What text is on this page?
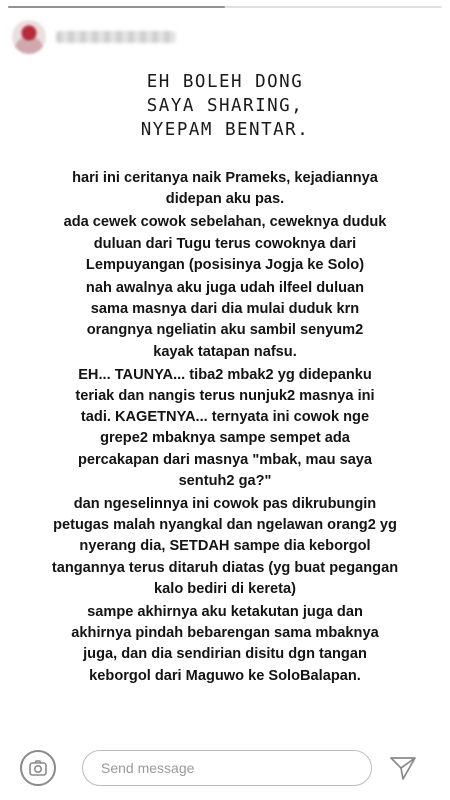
EH BOLEH DONG
SAYA SHARING,
NYEPAM BENTAR.
hari ini ceritanya naik Prameks, kejadiannya
didepan aku pas.
ada cewek cowok sebelahan, ceweknya duduk
duluan dari Tugu terus cowoknya dari
Lempuyangan (posisinya Jogja ke Solo)
nah awalnya aku juga udah ilfeel duluan
sama masnya dari dia mulai duduk krn
orangnya ngeliatin aku sambil senyum2
kayak tatapan nafsu.
EH... TAUNYA... tiba2 mbak2 yg didepanku
teriak dan nangis terus nunjuk2 masnya ini
tadi. KAGETNYA... ternyata ini cowok nge
grepe2 mbaknya sampe sempet ada
percakapan dari masnya "mbak, mau saya
sentuh2 ga?"
dan ngeselinnya ini cowok pas dikrubungin
petugas malah nyangkal dan ngelawan orang2 yg
nyerang dia, SETDAH sampe dia keborgol
tangannya terus ditaruh diatas (yg buat pegangan
kalo bediri di kereta)
sampe akhirnya aku ketakutan juga dan
akhirnya pindah bebarengan sama mbaknya
juga, dan dia sendirian disitu dgn tangan
keborgol dari Maguwo ke SoloBalapan.
Send message
